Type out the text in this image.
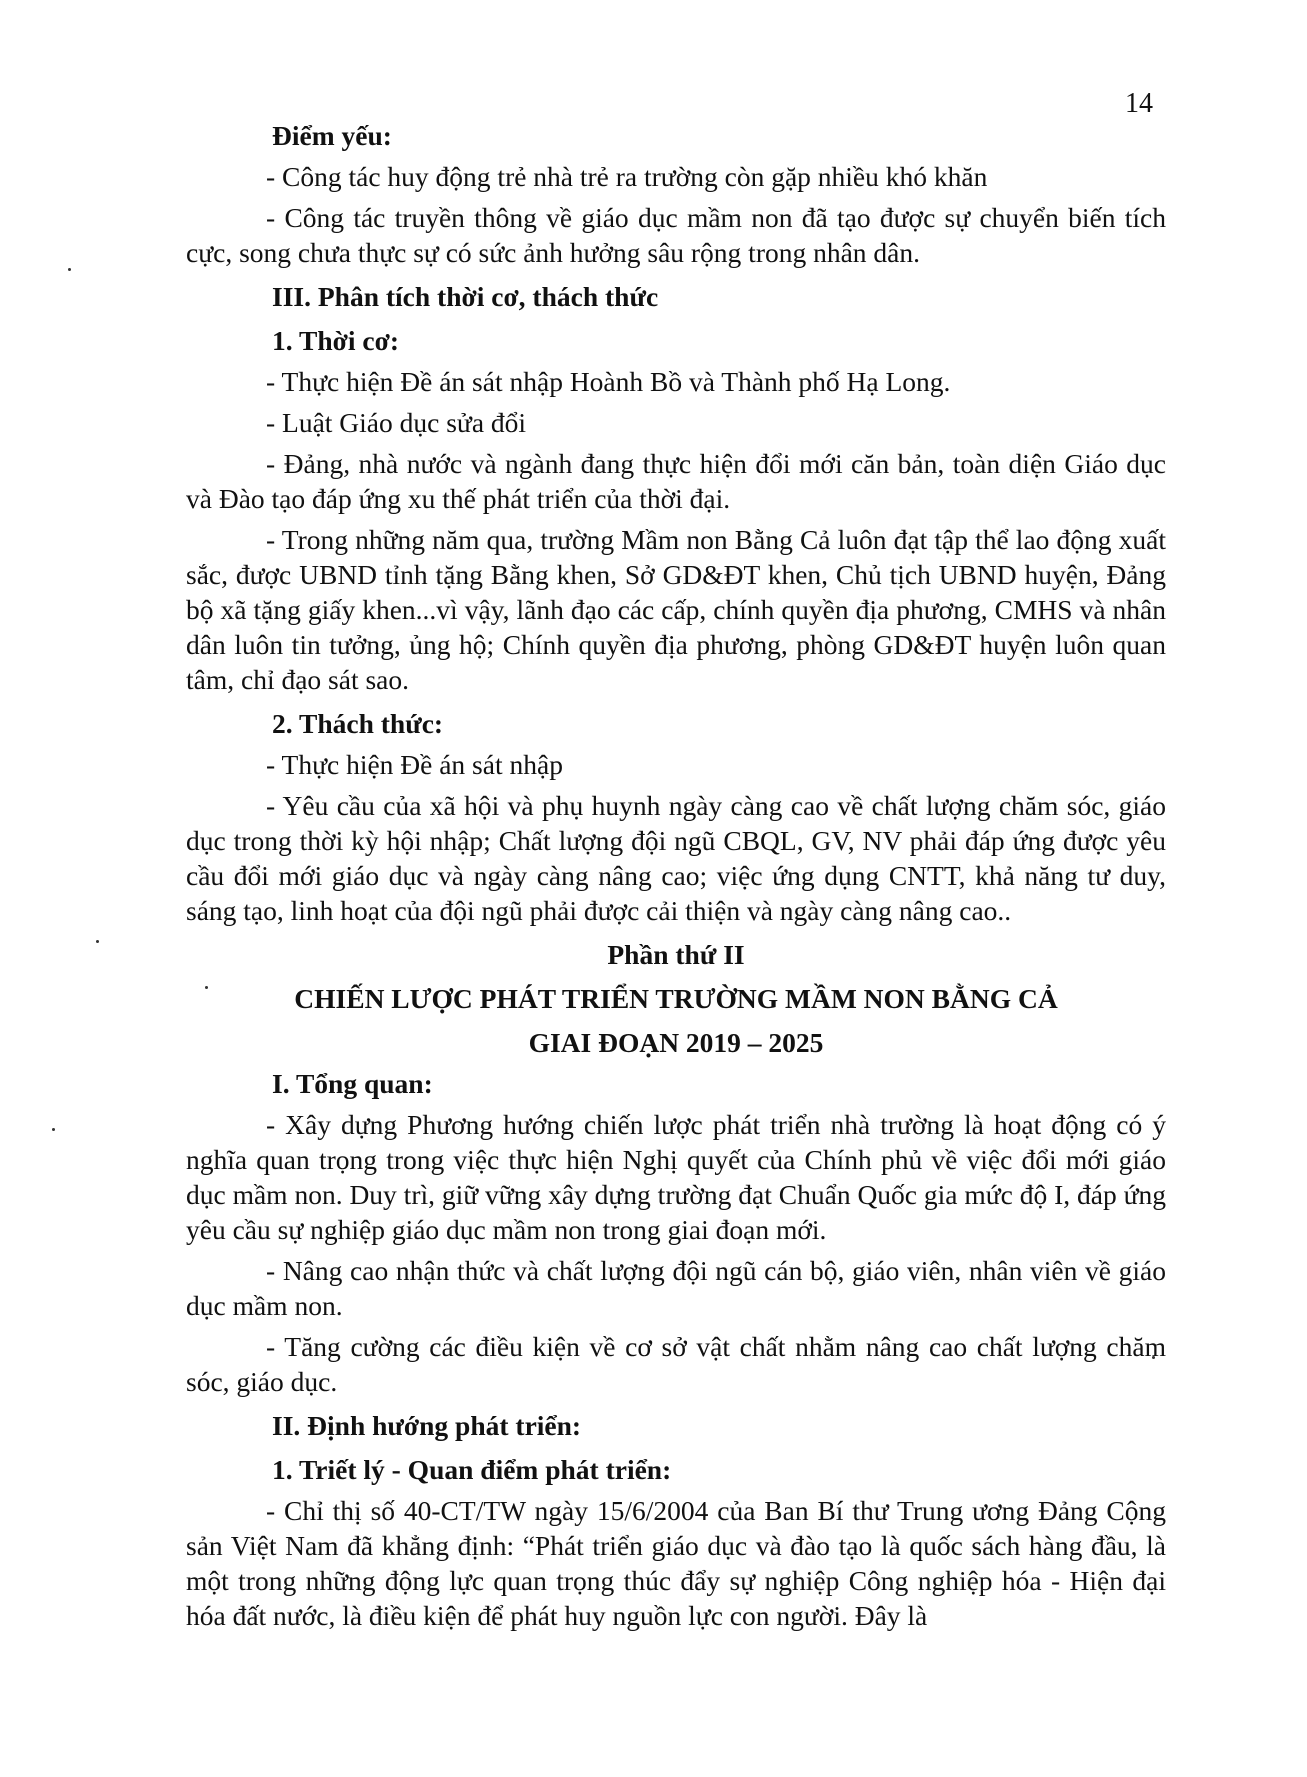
14

Điểm yếu:

- Công tác huy động trẻ nhà trẻ ra trường còn gặp nhiều khó khăn

- Công tác truyền thông về giáo dục mầm non đã tạo được sự chuyển biến tích cực, song chưa thực sự có sức ảnh hưởng sâu rộng trong nhân dân.

III. Phân tích thời cơ, thách thức

1. Thời cơ:

- Thực hiện Đề án sát nhập Hoành Bồ và Thành phố Hạ Long.

- Luật Giáo dục sửa đổi

- Đảng, nhà nước và ngành đang thực hiện đổi mới căn bản, toàn diện Giáo dục và Đào tạo đáp ứng xu thế phát triển của thời đại.

- Trong những năm qua, trường Mầm non Bằng Cả luôn đạt tập thể lao động xuất sắc, được UBND tỉnh tặng Bằng khen, Sở GD&ĐT khen, Chủ tịch UBND huyện, Đảng bộ xã tặng giấy khen...vì vậy, lãnh đạo các cấp, chính quyền địa phương, CMHS và nhân dân luôn tin tưởng, ủng hộ; Chính quyền địa phương, phòng GD&ĐT huyện luôn quan tâm, chỉ đạo sát sao.

2. Thách thức:

- Thực hiện Đề án sát nhập

- Yêu cầu của xã hội và phụ huynh ngày càng cao về chất lượng chăm sóc, giáo dục trong thời kỳ hội nhập; Chất lượng đội ngũ CBQL, GV, NV phải đáp ứng được yêu cầu đổi mới giáo dục và ngày càng nâng cao; việc ứng dụng CNTT, khả năng tư duy, sáng tạo, linh hoạt của đội ngũ phải được cải thiện và ngày càng nâng cao..

Phần thứ II

CHIẾN LƯỢC PHÁT TRIỂN TRƯỜNG MẦM NON BẰNG CẢ

GIAI ĐOẠN 2019 – 2025

I. Tổng quan:

- Xây dựng Phương hướng chiến lược phát triển nhà trường là hoạt động có ý nghĩa quan trọng trong việc thực hiện Nghị quyết của Chính phủ về việc đổi mới giáo dục mầm non. Duy trì, giữ vững xây dựng trường đạt Chuẩn Quốc gia mức độ I, đáp ứng yêu cầu sự nghiệp giáo dục mầm non trong giai đoạn mới.

- Nâng cao nhận thức và chất lượng đội ngũ cán bộ, giáo viên, nhân viên về giáo dục mầm non.

- Tăng cường các điều kiện về cơ sở vật chất nhằm nâng cao chất lượng chăm sóc, giáo dục.

II. Định hướng phát triển:

1. Triết lý - Quan điểm phát triển:

- Chỉ thị số 40-CT/TW ngày 15/6/2004 của Ban Bí thư Trung ương Đảng Cộng sản Việt Nam đã khẳng định: “Phát triển giáo dục và đào tạo là quốc sách hàng đầu, là một trong những động lực quan trọng thúc đẩy sự nghiệp Công nghiệp hóa - Hiện đại hóa đất nước, là điều kiện để phát huy nguồn lực con người. Đây là
